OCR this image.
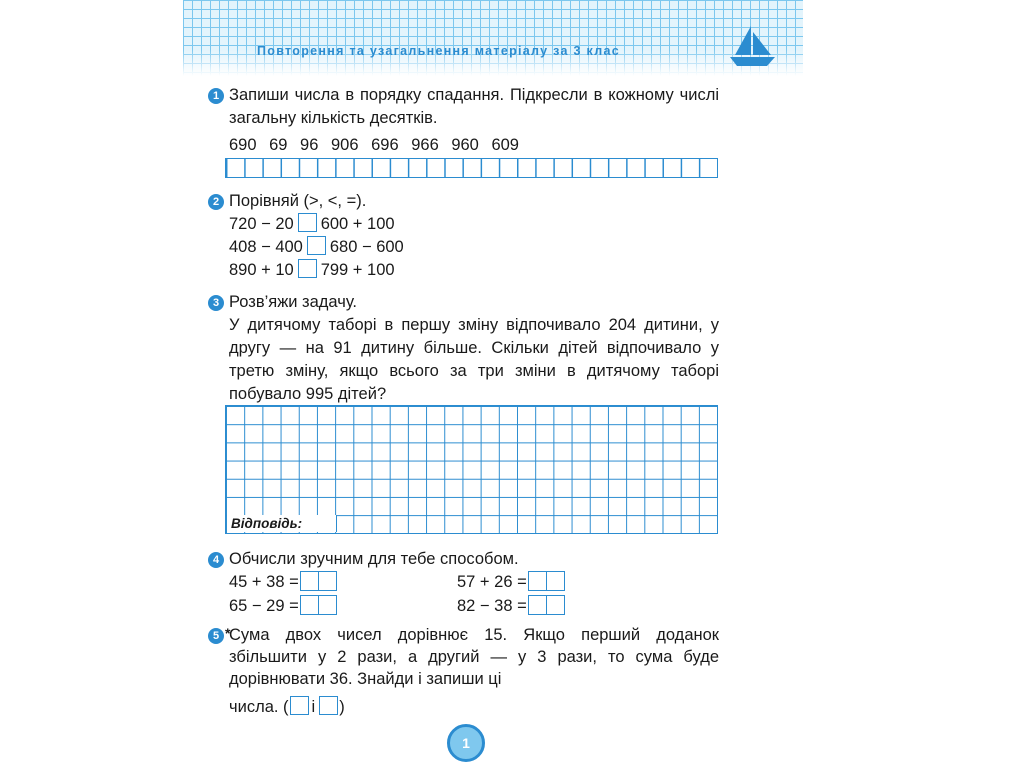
Повторення та узагальнення матеріалу за 3 клас
1 Запиши числа в порядку спадання. Підкресли в кожному числі загальну кількість десятків.

690 69 96 906 696 966 960 609

2 Порівняй (>, <, =).

720 − 20 600 + 100

408 − 400 680 − 600

890 + 10 799 + 100

3 Розв’яжи задачу.

У дитячому таборі в першу зміну відпочивало 204 дитини, у другу — на 91 дитину більше. Скільки дітей відпочивало у третю зміну, якщо всього за три зміни в дитячому таборі побувало 995 дітей?

Відповідь:
4 Обчисли зручним для тебе способом.

45 + 38 =

65 − 29 =

57 + 26 =

82 − 38 =

5 *

Сума двох чисел дорівнює 15. Якщо перший доданок збільшити у 2 рази, а другий — у 3 рази, то сума буде дорівнювати 36. Знайди і запиши ці

числа. ( і )

1
